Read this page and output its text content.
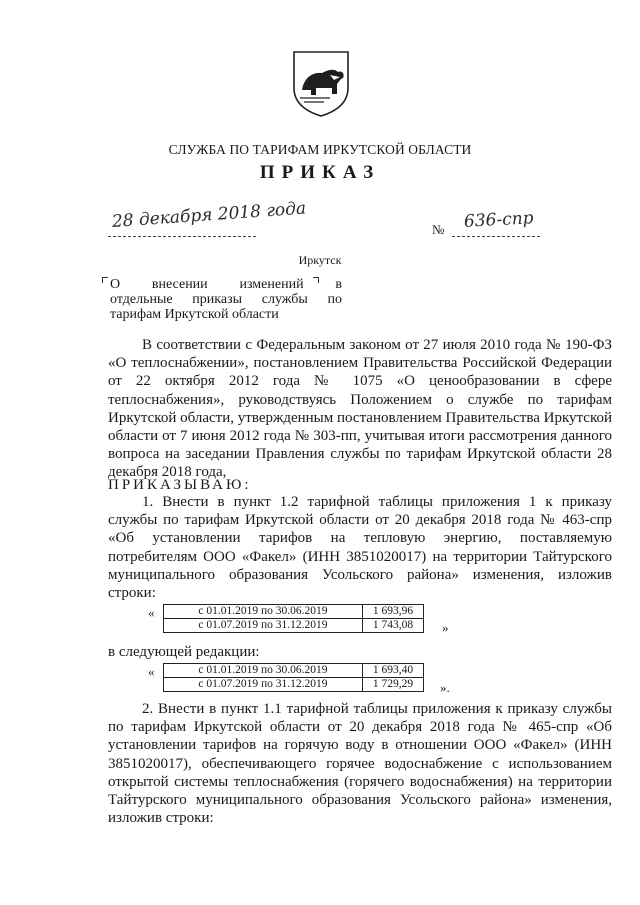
СЛУЖБА ПО ТАРИФАМ ИРКУТСКОЙ ОБЛАСТИ
ПРИКАЗ
28 декабря 2018 года	№ 636-спр
Иркутск
О внесении изменений в
отдельные приказы службы по
тарифам Иркутской области
В соответствии с Федеральным законом от 27 июля 2010 года № 190-ФЗ «О теплоснабжении», постановлением Правительства Российской Федерации от 22 октября 2012 года № 1075 «О ценообразовании в сфере теплоснабжения», руководствуясь Положением о службе по тарифам Иркутской области, утвержденным постановлением Правительства Иркутской области от 7 июня 2012 года № 303-пп, учитывая итоги рассмотрения данного вопроса на заседании Правления службы по тарифам Иркутской области 28 декабря 2018 года,
ПРИКАЗЫВАЮ:
1. Внести в пункт 1.2 тарифной таблицы приложения 1 к приказу службы по тарифам Иркутской области от 20 декабря 2018 года № 463-спр «Об установлении тарифов на тепловую энергию, поставляемую потребителям ООО «Факел» (ИНН 3851020017) на территории Тайтурского муниципального образования Усольского района» изменения, изложив строки:
«	с 01.01.2019 по 30.06.2019	1 693,96
с 01.07.2019 по 31.12.2019	1 743,08 »
в следующей редакции:
«	с 01.01.2019 по 30.06.2019	1 693,40
с 01.07.2019 по 31.12.2019	1 729,29 ».
2. Внести в пункт 1.1 тарифной таблицы приложения к приказу службы по тарифам Иркутской области от 20 декабря 2018 года № 465-спр «Об установлении тарифов на горячую воду в отношении ООО «Факел» (ИНН 3851020017), обеспечивающего горячее водоснабжение с использованием открытой системы теплоснабжения (горячего водоснабжения) на территории Тайтурского муниципального образования Усольского района» изменения, изложив строки:
